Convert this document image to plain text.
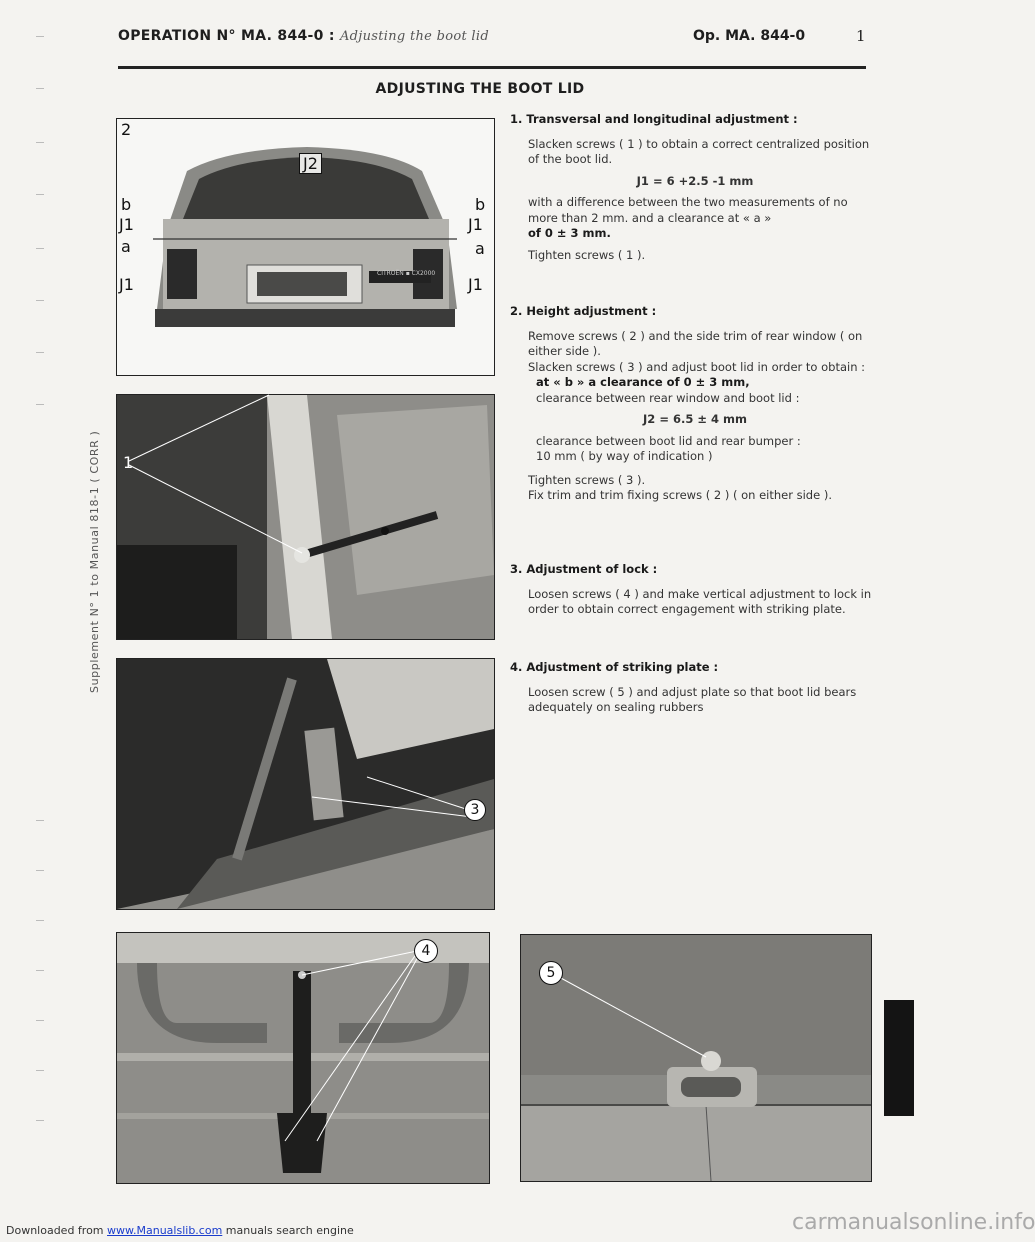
OPERATION N° MA. 844-0 : Adjusting the boot lid	Op. MA. 844-0	1
ADJUSTING THE BOOT LID
Supplement N° 1 to Manual 818-1 ( CORR )
2
b
J1
a
J1
J2
b
J1
a
J1
CITROËN ▪ CX2000
1
3
4
5
1. Transversal and longitudinal adjustment :

Slacken screws ( 1 ) to obtain a correct centralized position of the boot lid.

J1 = 6 +2.5 -1 mm

with a difference between the two measurements of no more than 2 mm. and a clearance at « a »

of 0 ± 3 mm.

Tighten screws ( 1 ).

2. Height adjustment :

Remove screws ( 2 ) and the side trim of rear window ( on either side ).

Slacken screws ( 3 ) and adjust boot lid in order to obtain :

at « b » a clearance of 0 ± 3 mm,

clearance between rear window and boot lid :

J2 = 6.5 ± 4 mm

clearance between boot lid and rear bumper :

10 mm ( by way of indication )

Tighten screws ( 3 ).

Fix trim and trim fixing screws ( 2 ) ( on either side ).

3. Adjustment of lock :

Loosen screws ( 4 ) and make vertical adjustment to lock in order to obtain correct engagement with striking plate.

4. Adjustment of striking plate :

Loosen screw ( 5 ) and adjust plate so that boot lid bears adequately on sealing rubbers

Downloaded from www.Manualslib.com manuals search engine	carmanualsonline.info
